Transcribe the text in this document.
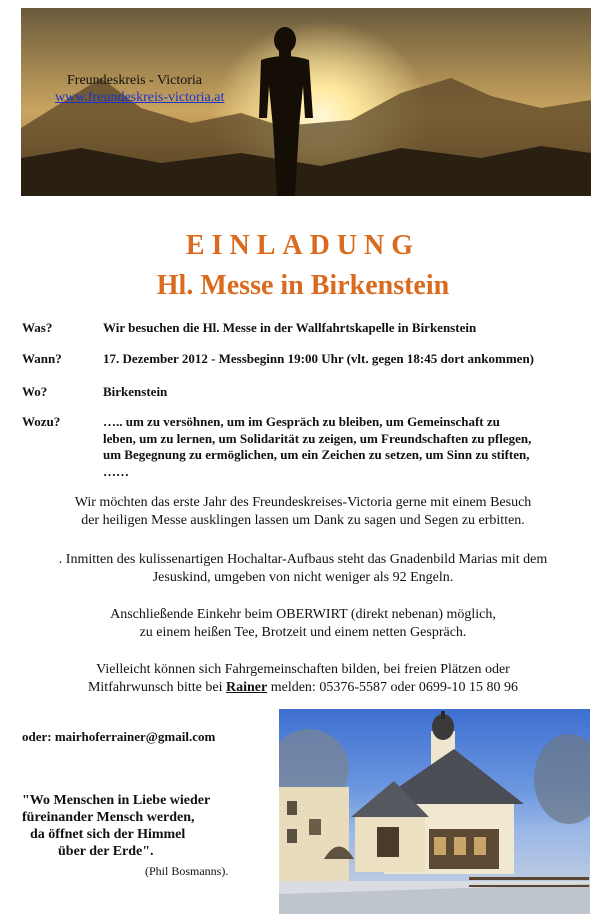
Freundeskreis - Victoria
www.freundeskreis-victoria.at
EINLADUNG
Hl. Messe in Birkenstein
Was?	Wir besuchen die Hl. Messe in der Wallfahrtskapelle in Birkenstein
Wann?	17. Dezember 2012 - Messbeginn 19:00 Uhr (vlt. gegen 18:45 dort ankommen)
Wo?	Birkenstein
Wozu?	….. um zu versöhnen, um im Gespräch zu bleiben, um Gemeinschaft zu leben, um zu lernen, um Solidarität zu zeigen, um Freundschaften zu pflegen, um Begegnung zu ermöglichen, um ein Zeichen zu setzen, um Sinn zu stiften, ……
Wir möchten das erste Jahr des Freundeskreises-Victoria gerne mit einem Besuch
der heiligen Messe ausklingen lassen um Dank zu sagen und Segen zu erbitten.
. Inmitten des kulissenartigen Hochaltar-Aufbaus steht das Gnadenbild Marias mit dem
Jesuskind, umgeben von nicht weniger als 92 Engeln.
Anschließende Einkehr beim OBERWIRT (direkt nebenan) möglich,
zu einem heißen Tee, Brotzeit und einem netten Gespräch.
Vielleicht können sich Fahrgemeinschaften bilden, bei freien Plätzen oder
Mitfahrwunsch bitte bei Rainer melden: 05376-5587 oder 0699-10 15 80 96
oder: mairhoferrainer@gmail.com
"Wo Menschen in Liebe wieder
füreinander Mensch werden,
da öffnet sich der Himmel
über der Erde".
(Phil Bosmanns).
